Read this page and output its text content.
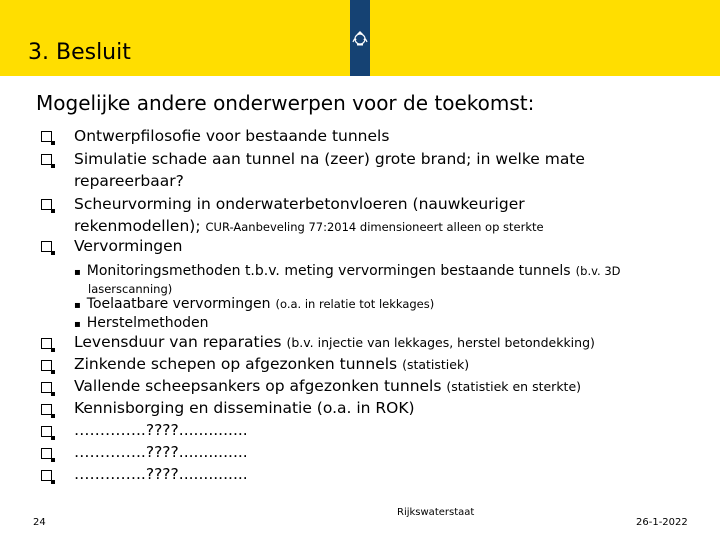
3. Besluit
Mogelijke andere onderwerpen voor de toekomst:
Ontwerpfilosofie voor bestaande tunnels
Simulatie schade aan tunnel na (zeer) grote brand; in welke mate
repareerbaar?
Scheurvorming in onderwaterbetonvloeren (nauwkeuriger
rekenmodellen); CUR-Aanbeveling 77:2014 dimensioneert alleen op sterkte
Vervormingen
▪ Monitoringsmethoden t.b.v. meting vervormingen bestaande tunnels (b.v. 3D
laserscanning)
▪ Toelaatbare vervormingen (o.a. in relatie tot lekkages)
▪ Herstelmethoden
Levensduur van reparaties (b.v. injectie van lekkages, herstel betondekking)
Zinkende schepen op afgezonken tunnels (statistiek)
Vallende scheepsankers op afgezonken tunnels (statistiek en sterkte)
Kennisborging en disseminatie (o.a. in ROK)
…………..????..............
…………..????..............
…………..????..............
24
Rijkswaterstaat
26-1-2022
